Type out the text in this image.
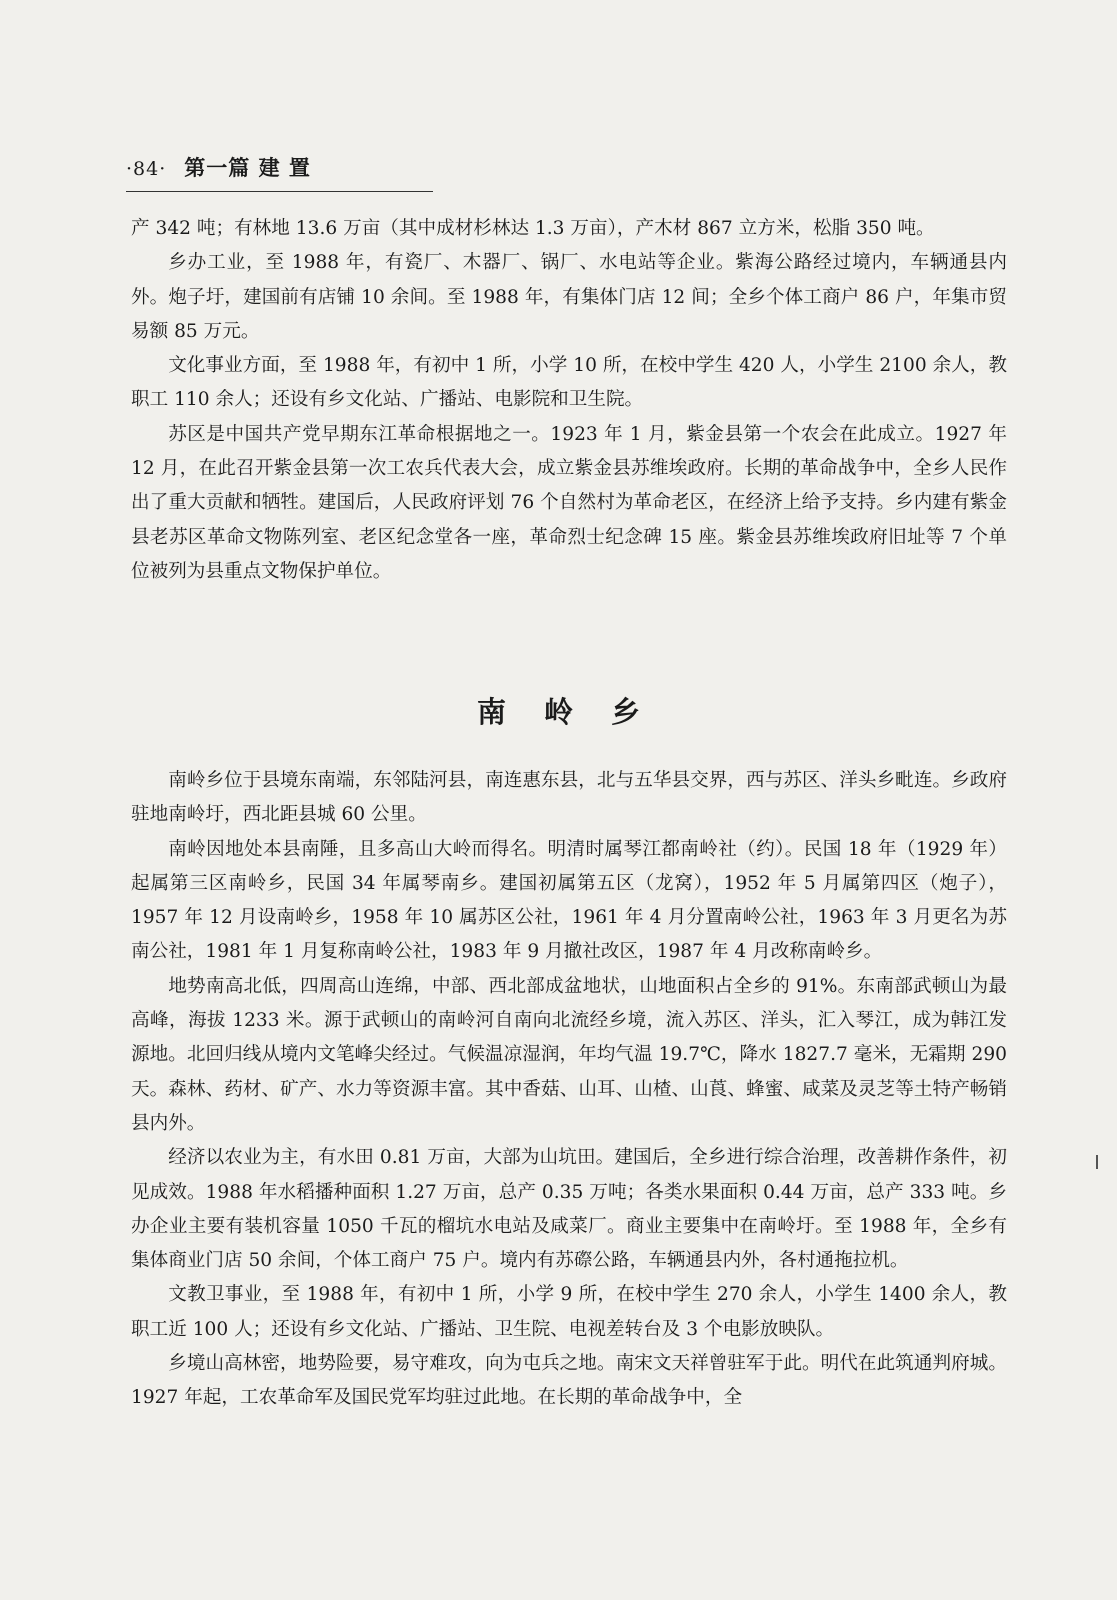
·84· 第一篇 建 置

产 342 吨；有林地 13.6 万亩（其中成材杉林达 1.3 万亩），产木材 867 立方米，松脂 350 吨。

乡办工业，至 1988 年，有瓷厂、木器厂、锅厂、水电站等企业。紫海公路经过境内，车辆通县内外。炮子圩，建国前有店铺 10 余间。至 1988 年，有集体门店 12 间；全乡个体工商户 86 户，年集市贸易额 85 万元。

文化事业方面，至 1988 年，有初中 1 所，小学 10 所，在校中学生 420 人，小学生 2100 余人，教职工 110 余人；还设有乡文化站、广播站、电影院和卫生院。

苏区是中国共产党早期东江革命根据地之一。1923 年 1 月，紫金县第一个农会在此成立。1927 年 12 月，在此召开紫金县第一次工农兵代表大会，成立紫金县苏维埃政府。长期的革命战争中，全乡人民作出了重大贡献和牺牲。建国后，人民政府评划 76 个自然村为革命老区，在经济上给予支持。乡内建有紫金县老苏区革命文物陈列室、老区纪念堂各一座，革命烈士纪念碑 15 座。紫金县苏维埃政府旧址等 7 个单位被列为县重点文物保护单位。

南岭乡

南岭乡位于县境东南端，东邻陆河县，南连惠东县，北与五华县交界，西与苏区、洋头乡毗连。乡政府驻地南岭圩，西北距县城 60 公里。

南岭因地处本县南陲，且多高山大岭而得名。明清时属琴江都南岭社（约）。民国 18 年（1929 年）起属第三区南岭乡，民国 34 年属琴南乡。建国初属第五区（龙窝），1952 年 5 月属第四区（炮子），1957 年 12 月设南岭乡，1958 年 10 属苏区公社，1961 年 4 月分置南岭公社，1963 年 3 月更名为苏南公社，1981 年 1 月复称南岭公社，1983 年 9 月撤社改区，1987 年 4 月改称南岭乡。

地势南高北低，四周高山连绵，中部、西北部成盆地状，山地面积占全乡的 91%。东南部武顿山为最高峰，海拔 1233 米。源于武顿山的南岭河自南向北流经乡境，流入苏区、洋头，汇入琴江，成为韩江发源地。北回归线从境内文笔峰尖经过。气候温凉湿润，年均气温 19.7℃，降水 1827.7 毫米，无霜期 290 天。森林、药材、矿产、水力等资源丰富。其中香菇、山耳、山楂、山莨、蜂蜜、咸菜及灵芝等土特产畅销县内外。

经济以农业为主，有水田 0.81 万亩，大部为山坑田。建国后，全乡进行综合治理，改善耕作条件，初见成效。1988 年水稻播种面积 1.27 万亩，总产 0.35 万吨；各类水果面积 0.44 万亩，总产 333 吨。乡办企业主要有装机容量 1050 千瓦的榴坑水电站及咸菜厂。商业主要集中在南岭圩。至 1988 年，全乡有集体商业门店 50 余间，个体工商户 75 户。境内有苏磜公路，车辆通县内外，各村通拖拉机。

文教卫事业，至 1988 年，有初中 1 所，小学 9 所，在校中学生 270 余人，小学生 1400 余人，教职工近 100 人；还设有乡文化站、广播站、卫生院、电视差转台及 3 个电影放映队。

乡境山高林密，地势险要，易守难攻，向为屯兵之地。南宋文天祥曾驻军于此。明代在此筑通判府城。1927 年起，工农革命军及国民党军均驻过此地。在长期的革命战争中，全
